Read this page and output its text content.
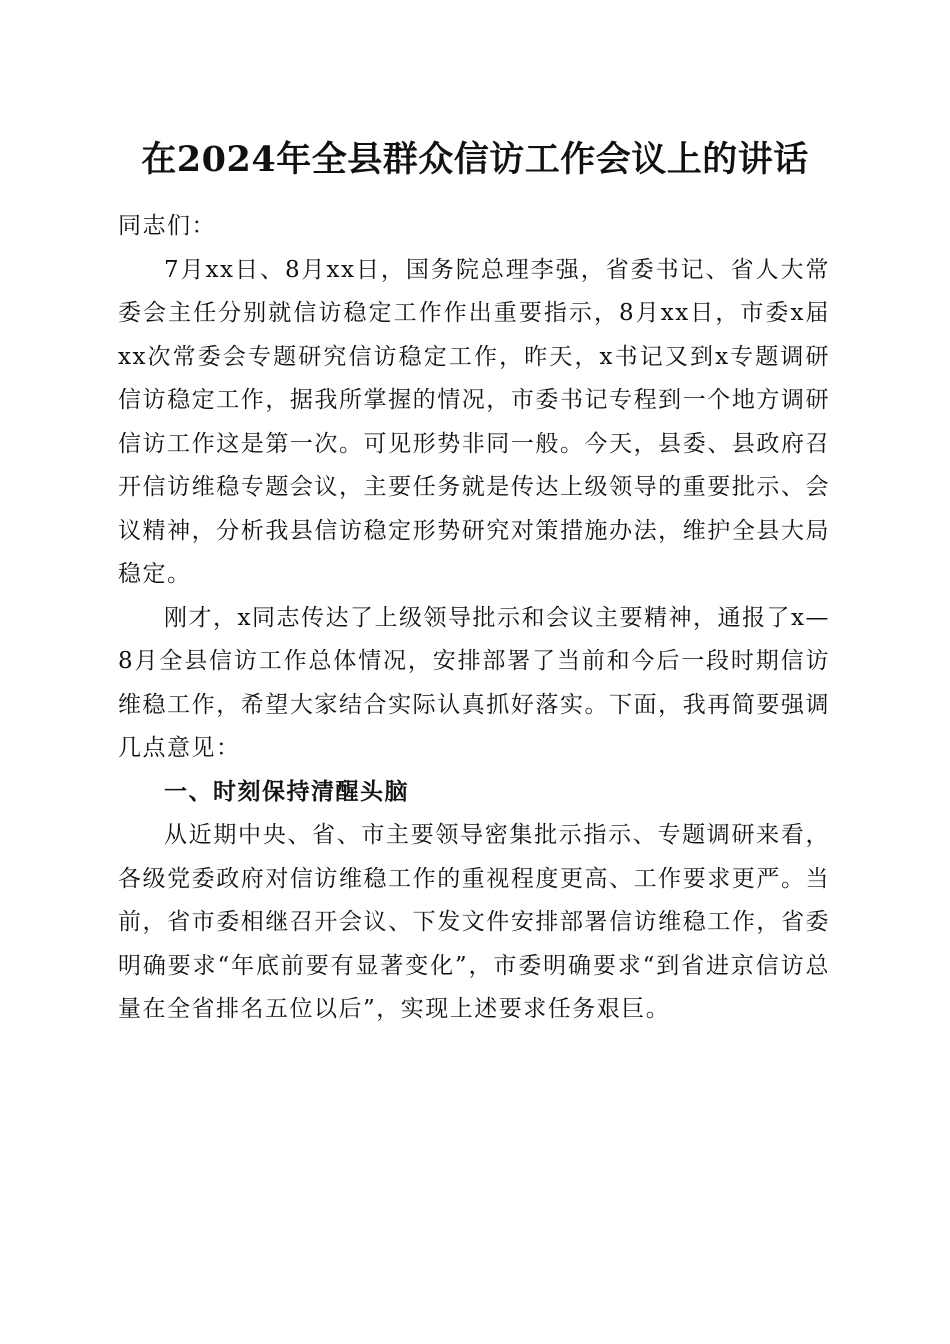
在2024年全县群众信访工作会议上的讲话

同志们：

7月xx日、8月xx日，国务院总理李强，省委书记、省人大常委会主任分别就信访稳定工作作出重要指示，8月xx日，市委x届xx次常委会专题研究信访稳定工作，昨天，x书记又到x专题调研信访稳定工作，据我所掌握的情况，市委书记专程到一个地方调研信访工作这是第一次。可见形势非同一般。今天，县委、县政府召开信访维稳专题会议，主要任务就是传达上级领导的重要批示、会议精神，分析我县信访稳定形势研究对策措施办法，维护全县大局稳定。

刚才，x同志传达了上级领导批示和会议主要精神，通报了x—8月全县信访工作总体情况，安排部署了当前和今后一段时期信访维稳工作，希望大家结合实际认真抓好落实。下面，我再简要强调几点意见：

一、时刻保持清醒头脑

从近期中央、省、市主要领导密集批示指示、专题调研来看，各级党委政府对信访维稳工作的重视程度更高、工作要求更严。当前，省市委相继召开会议、下发文件安排部署信访维稳工作，省委明确要求“年底前要有显著变化”，市委明确要求“到省进京信访总量在全省排名五位以后”，实现上述要求任务艰巨。
